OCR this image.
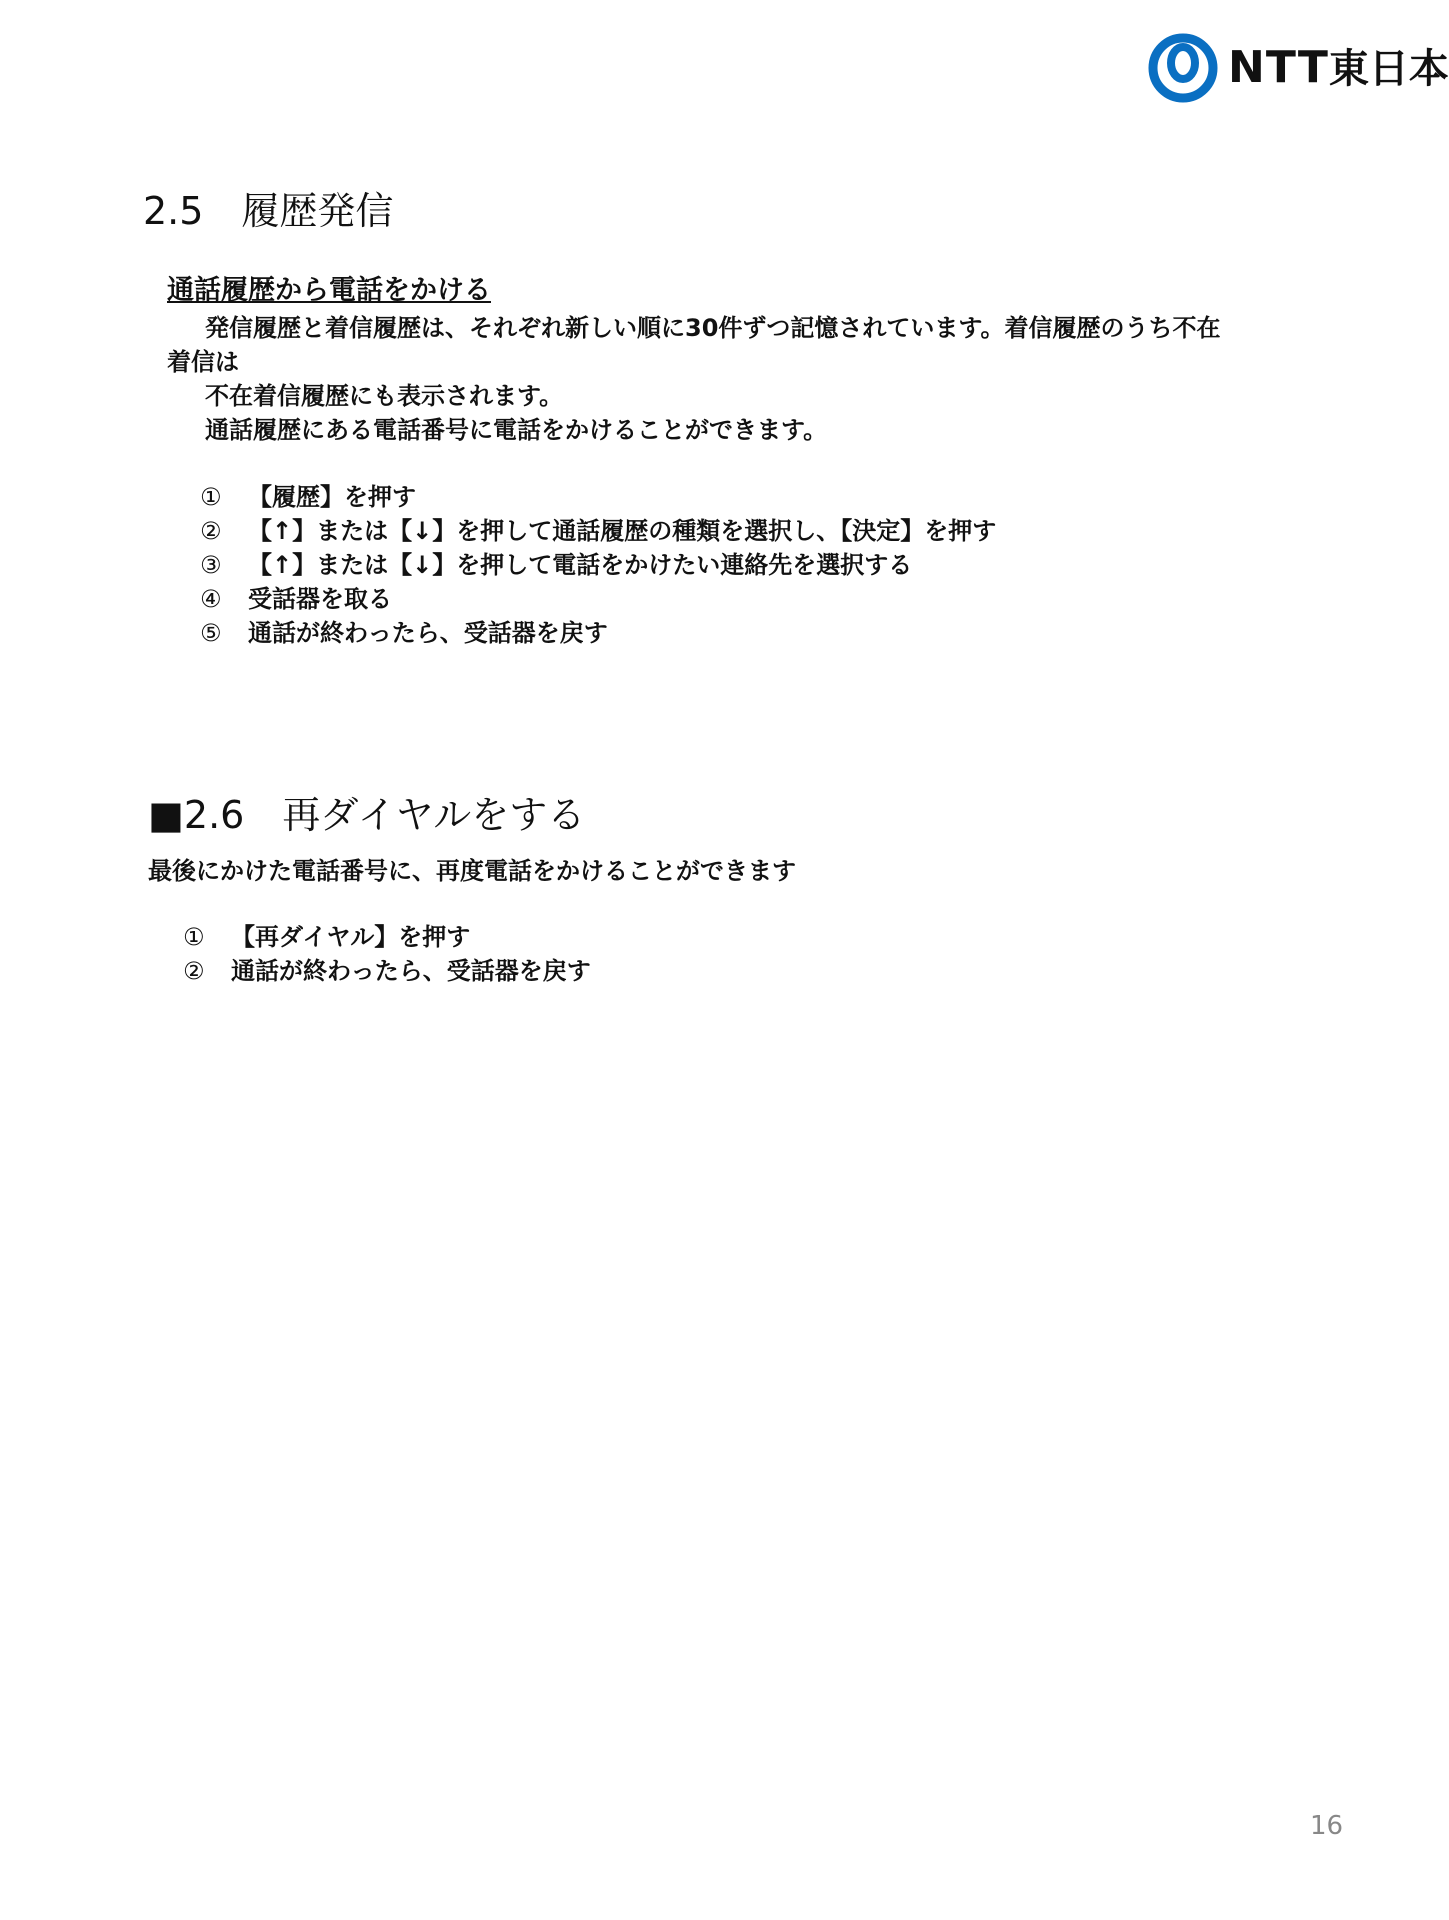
NTT東日本
2.5　履歴発信
通話履歴から電話をかける
発信履歴と着信履歴は、それぞれ新しい順に30件ずつ記憶されています。着信履歴のうち不在
着信は
不在着信履歴にも表示されます。
通話履歴にある電話番号に電話をかけることができます。
①	【履歴】を押す
②	【↑】または【↓】を押して通話履歴の種類を選択し、【決定】を押す
③	【↑】または【↓】を押して電話をかけたい連絡先を選択する
④	受話器を取る
⑤	通話が終わったら、受話器を戻す
■2.6　再ダイヤルをする
最後にかけた電話番号に、再度電話をかけることができます
①	【再ダイヤル】を押す
②	通話が終わったら、受話器を戻す
16
